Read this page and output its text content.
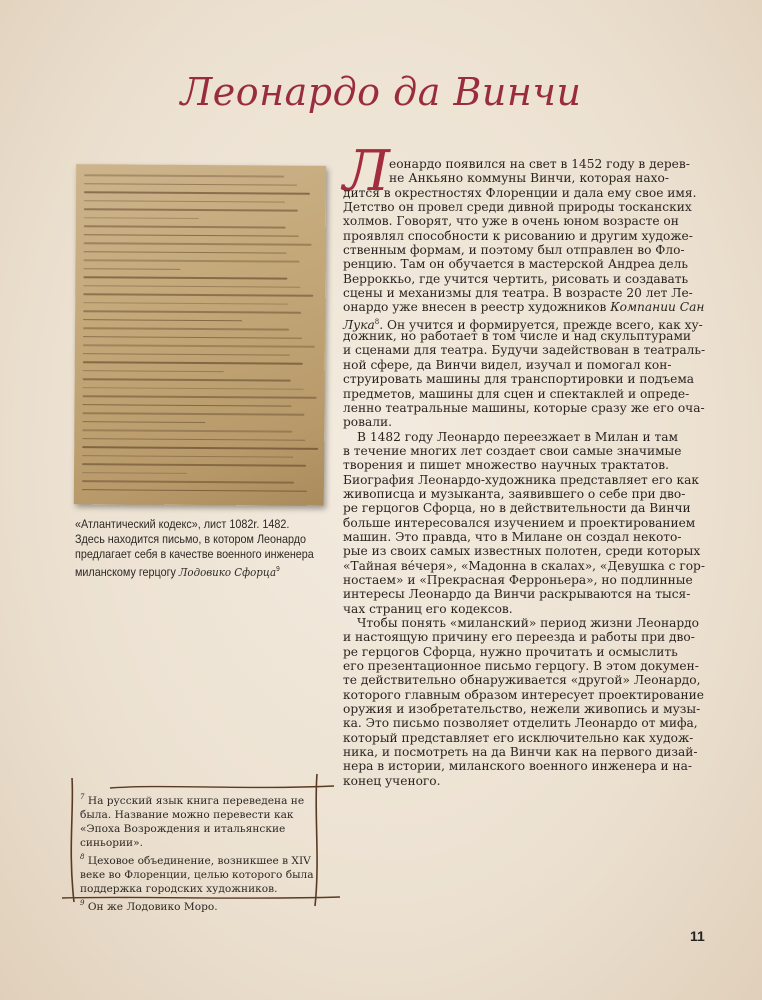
Леонардо да Винчи
«Атлантический кодекс», лист 1082r. 1482. Здесь находится письмо, в котором Леонардо предлагает себя в качестве военного инженера миланскому герцогу Лодовико Сфорца$^9$
Л еонардо появился на свет в 1452 году в дерев-
не Анкьяно коммуны Винчи, которая нахо-
дится в окрестностях Флоренции и дала ему свое имя.
Детство он провел среди дивной природы тосканских
холмов. Говорят, что уже в очень юном возрасте он
проявлял способности к рисованию и другим художе-
ственным формам, и поэтому был отправлен во Фло-
ренцию. Там он обучается в мастерской Андреа дель
Верроккьо, где учится чертить, рисовать и создавать
сцены и механизмы для театра. В возрасте 20 лет Ле-
онардо уже внесен в реестр художников Компании Сан
Лука$^8$. Он учится и формируется, прежде всего, как ху-
дожник, но работает в том числе и над скульптурами
и сценами для театра. Будучи задействован в театраль-
ной сфере, да Винчи видел, изучал и помогал кон-
струировать машины для транспортировки и подъема
предметов, машины для сцен и спектаклей и опреде-
ленно театральные машины, которые сразу же его оча-
ровали.
В 1482 году Леонардо переезжает в Милан и там
в течение многих лет создает свои самые значимые
творения и пишет множество научных трактатов.
Биография Леонардо-художника представляет его как
живописца и музыканта, заявившего о себе при дво-
ре герцогов Сфорца, но в действительности да Винчи
больше интересовался изучением и проектированием
машин. Это правда, что в Милане он создал некото-
рые из своих самых известных полотен, среди которых
«Тайная вéчеря», «Мадонна в скалах», «Девушка с гор-
ностаем» и «Прекрасная Ферроньера», но подлинные
интересы Леонардо да Винчи раскрываются на тыся-
чах страниц его кодексов.
Чтобы понять «миланский» период жизни Леонардо
и настоящую причину его переезда и работы при дво-
ре герцогов Сфорца, нужно прочитать и осмыслить
его презентационное письмо герцогу. В этом докумен-
те действительно обнаруживается «другой» Леонардо,
которого главным образом интересует проектирование
оружия и изобретательство, нежели живопись и музы-
ка. Это письмо позволяет отделить Леонардо от мифа,
который представляет его исключительно как худож-
ника, и посмотреть на да Винчи как на первого дизай-
нера в истории, миланского военного инженера и на-
конец ученого.
$^7$ На русский язык книга переведена не была. Название можно перевести как «Эпоха Возрождения и итальянские синьории».
$^8$ Цеховое объединение, возникшее в XIV веке во Флоренции, целью которого была поддержка городских художников.
$^9$ Он же Лодовико Моро.
11
